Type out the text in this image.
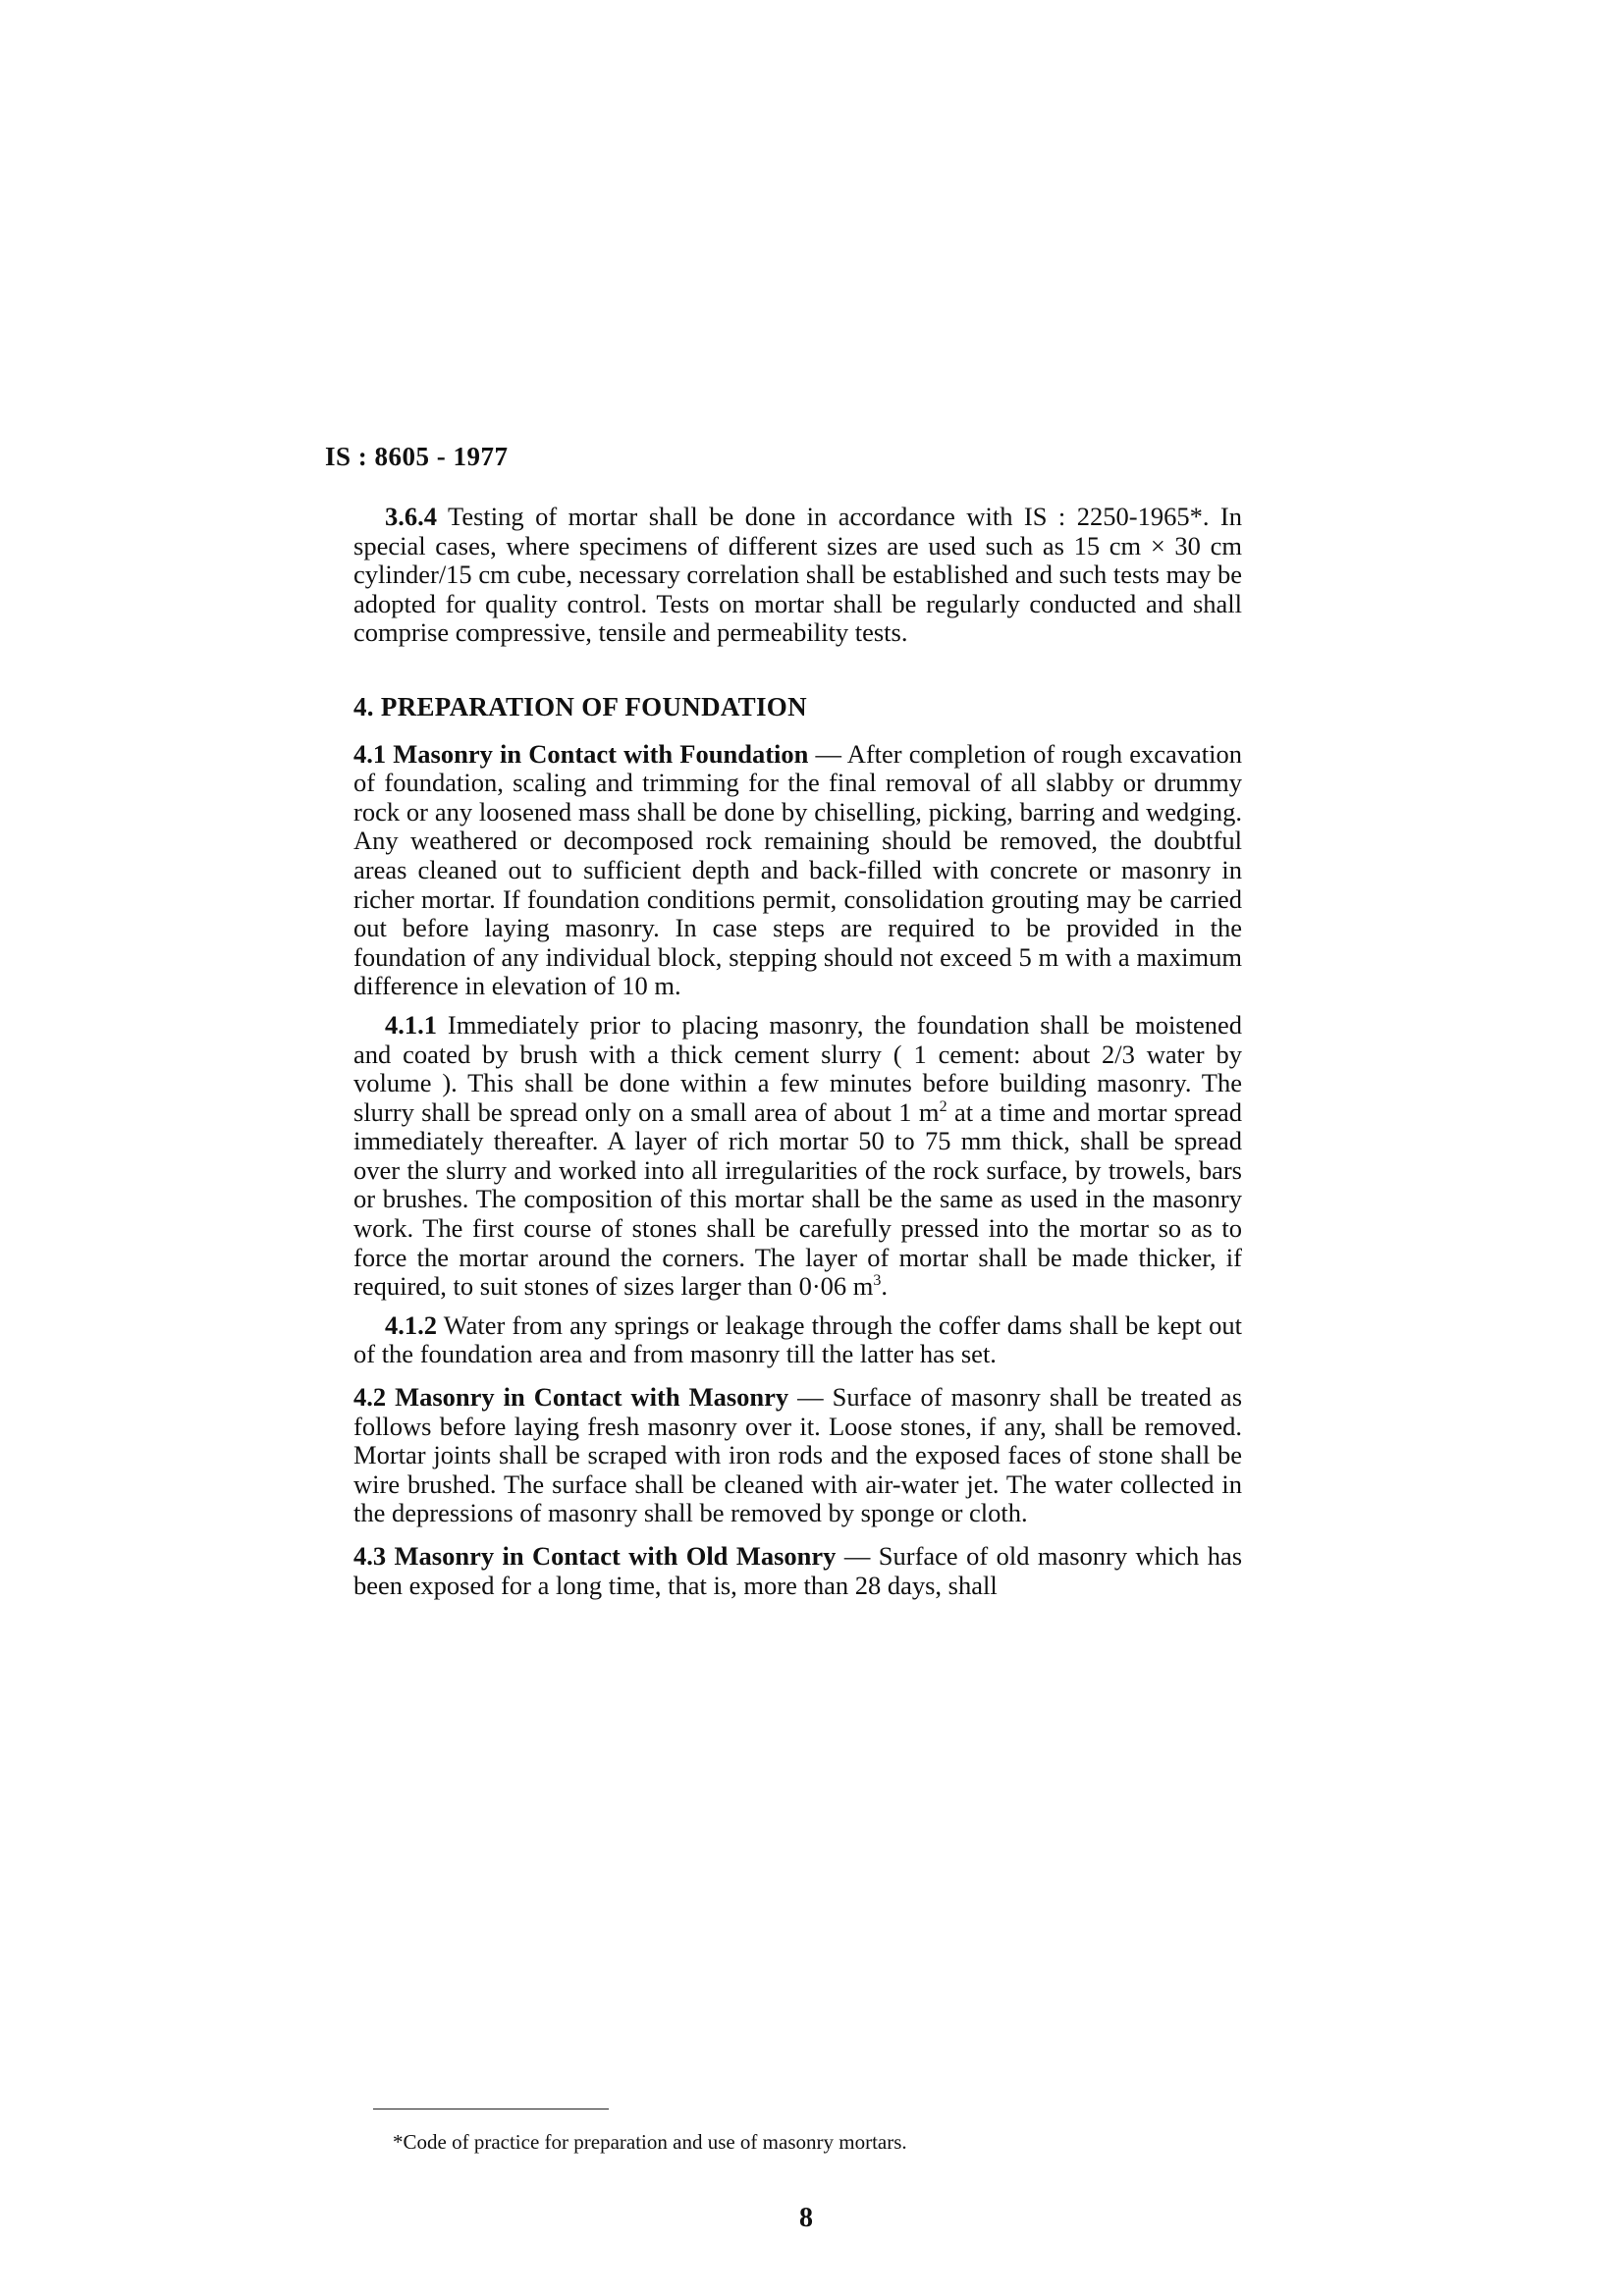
IS : 8605 - 1977

3.6.4 Testing of mortar shall be done in accordance with IS : 2250-1965*. In special cases, where specimens of different sizes are used such as 15 cm × 30 cm cylinder/15 cm cube, necessary correlation shall be established and such tests may be adopted for quality control. Tests on mortar shall be regularly conducted and shall comprise compressive, tensile and permeability tests.

4. PREPARATION OF FOUNDATION

4.1 Masonry in Contact with Foundation — After completion of rough excavation of foundation, scaling and trimming for the final removal of all slabby or drummy rock or any loosened mass shall be done by chiselling, picking, barring and wedging. Any weathered or decomposed rock remaining should be removed, the doubtful areas cleaned out to sufficient depth and back-filled with concrete or masonry in richer mortar. If foundation conditions permit, consolidation grouting may be carried out before laying masonry. In case steps are required to be provided in the foundation of any individual block, stepping should not exceed 5 m with a maximum difference in elevation of 10 m.

4.1.1 Immediately prior to placing masonry, the foundation shall be moistened and coated by brush with a thick cement slurry ( 1 cement: about 2/3 water by volume ). This shall be done within a few minutes before building masonry. The slurry shall be spread only on a small area of about 1 $m^2$ at a time and mortar spread immediately thereafter. A layer of rich mortar 50 to 75 mm thick, shall be spread over the slurry and worked into all irregularities of the rock surface, by trowels, bars or brushes. The composition of this mortar shall be the same as used in the masonry work. The first course of stones shall be carefully pressed into the mortar so as to force the mortar around the corners. The layer of mortar shall be made thicker, if required, to suit stones of sizes larger than 0·06 $m^3$.

4.1.2 Water from any springs or leakage through the coffer dams shall be kept out of the foundation area and from masonry till the latter has set.

4.2 Masonry in Contact with Masonry — Surface of masonry shall be treated as follows before laying fresh masonry over it. Loose stones, if any, shall be removed. Mortar joints shall be scraped with iron rods and the exposed faces of stone shall be wire brushed. The surface shall be cleaned with air-water jet. The water collected in the depressions of masonry shall be removed by sponge or cloth.

4.3 Masonry in Contact with Old Masonry — Surface of old masonry which has been exposed for a long time, that is, more than 28 days, shall

*Code of practice for preparation and use of masonry mortars.
8
